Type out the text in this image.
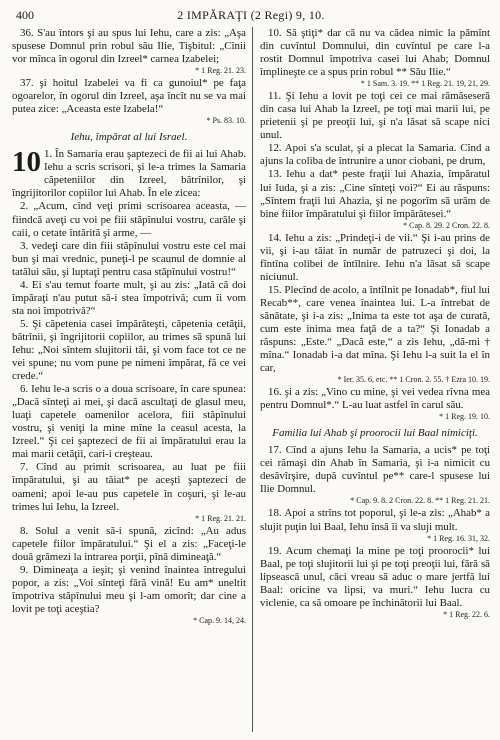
400	2 IMPĂRAŢI (2 Regi) 9, 10.

36. S'au întors şi au spus lui Iehu, care a zis: „Aşa spusese Domnul prin robul său Ilie, Tişbitul: „Cînii vor mînca în ogorul din Izreel* carnea Izabelei;

* 1 Reg. 21. 23.

37. şi hoitul Izabelei va fi ca gunoiul* pe faţa ogoarelor, în ogorul din Izreel, aşa încît nu se va mai putea zice: „Aceasta este Izabela!“

* Ps. 83. 10.
Iehu, împărat al lui Israel.

10 1. În Samaria erau şaptezeci de fii ai lui Ahab. Iehu a scris scrisori, şi le-a trimes la Samaria căpeteniilor din Izreel, bătrînilor, şi îngrijitorilor copiilor lui Ahab. În ele zicea:

2. „Acum, cînd veţi primi scrisoarea aceasta, — fiindcă aveţi cu voi pe fiii stăpînului vostru, carăle şi caii, o cetate întărită şi arme, —

3. vedeţi care din fiii stăpînului vostru este cel mai bun şi mai vrednic, puneţi-l pe scaunul de domnie al tatălui său, şi luptaţi pentru casa stăpînului vostru!“

4. Ei s'au temut foarte mult, şi au zis: „Iată că doi împăraţi n'au putut să-i stea împotrivă; cum îi vom sta noi împotrivă?“

5. Şi căpetenia casei împărăteşti, căpetenia cetăţii, bătrînii, şi îngrijitorii copiilor, au trimes să spună lui Iehu: „Noi sîntem slujitorii tăi, şi vom face tot ce ne vei spune; nu vom pune pe nimeni împărat, fă ce vei crede.“

6. Iehu le-a scris o a doua scrisoare, în care spunea: „Dacă sînteţi ai mei, şi dacă ascultaţi de glasul meu, luaţi capetele oamenilor acelora, fiii stăpînului vostru, şi veniţi la mine mîne la ceasul acesta, la Izreel.“ Şi cei şaptezeci de fii ai împăratului erau la mai marii cetăţii, cari-i creşteau.

7. Cînd au primit scrisoarea, au luat pe fiii împăratului, şi au tăiat* pe aceşti şaptezeci de oameni; apoi le-au pus capetele în coşuri, şi le-au trimes lui Iehu, la Izreel.

* 1 Reg. 21. 21.

8. Solul a venit să-i spună, zicînd: „Au adus capetele fiilor împăratului.“ Şi el a zis: „Faceţi-le două grămezi la intrarea porţii, pînă dimineaţă.“

9. Dimineaţa a ieşit; şi venind înaintea întregului popor, a zis: „Voi sînteţi fără vină! Eu am* uneltit împotriva stăpînului meu şi l-am omorît; dar cine a lovit pe toţi aceştia?

* Cap. 9. 14, 24.

10. Să ştiţi* dar că nu va cădea nimic la pămînt din cuvîntul Domnului, din cuvîntul pe care l-a rostit Domnul împotriva casei lui Ahab; Domnul împlineşte ce a spus prin robul ** Său Ilie.“

* 1 Sam. 3. 19. ** 1 Reg. 21. 19, 21, 29.

11. Şi Iehu a lovit pe toţi cei ce mai rămăseseră din casa lui Ahab la Izreel, pe toţi mai marii lui, pe prietenii şi pe preoţii lui, şi n'a lăsat să scape nici unul.

12. Apoi s'a sculat, şi a plecat la Samaria. Cînd a ajuns la coliba de întrunire a unor ciobani, pe drum,

13. Iehu a dat* peste fraţii lui Ahazia, împăratul lui Iuda, şi a zis: „Cine sînteţi voi?“ Ei au răspuns: „Sîntem fraţii lui Ahazia, şi ne pogorîm să urăm de bine fiilor împăratului şi fiilor împărătesei.“

* Cap. 8. 29. 2 Cron. 22. 8.

14. Iehu a zis: „Prindeţi-i de vii.“ Şi i-au prins de vii, şi i-au tăiat în număr de patruzeci şi doi, la fîntîna colibei de întîlnire. Iehu n'a lăsat să scape niciunul.

15. Plecînd de acolo, a întîlnit pe Ionadab*, fiul lui Recab**, care venea înaintea lui. L-a întrebat de sănătate, şi i-a zis: „Inima ta este tot aşa de curată, cum este inima mea faţă de a ta?“ Şi Ionadab a răspuns: „Este.“ „Dacă este,“ a zis Iehu, „dă-mi † mîna.“ Ionadab i-a dat mîna. Şi Iehu l-a suit la el în car,

* Ier. 35. 6, etc. ** 1 Cron. 2. 55. † Ezra 10. 19.

16. şi a zis: „Vino cu mine, şi vei vedea rîvna mea pentru Domnul*.“ L-au luat astfel în carul său.

* 1 Reg. 19. 10.
Familia lui Ahab şi proorocii lui Baal nimiciţi.

17. Cînd a ajuns Iehu la Samaria, a ucis* pe toţi cei rămaşi din Ahab în Samaria, şi i-a nimicit cu desăvîrşire, după cuvîntul pe** care-l spusese lui Ilie Domnul.

* Cap. 9. 8. 2 Cron. 22. 8. ** 1 Reg. 21. 21.

18. Apoi a strîns tot poporul, şi le-a zis: „Ahab* a slujit puţin lui Baal, Iehu însă îi va sluji mult.

* 1 Reg. 16. 31, 32.

19. Acum chemaţi la mine pe toţi proorocii* lui Baal, pe toţi slujitorii lui şi pe toţi preoţii lui, fără să lipsească unul, căci vreau să aduc o mare jertfă lui Baal: oricine va lipsi, va muri.“ Iehu lucra cu viclenie, ca să omoare pe închinătorii lui Baal.

* 1 Reg. 22. 6.
